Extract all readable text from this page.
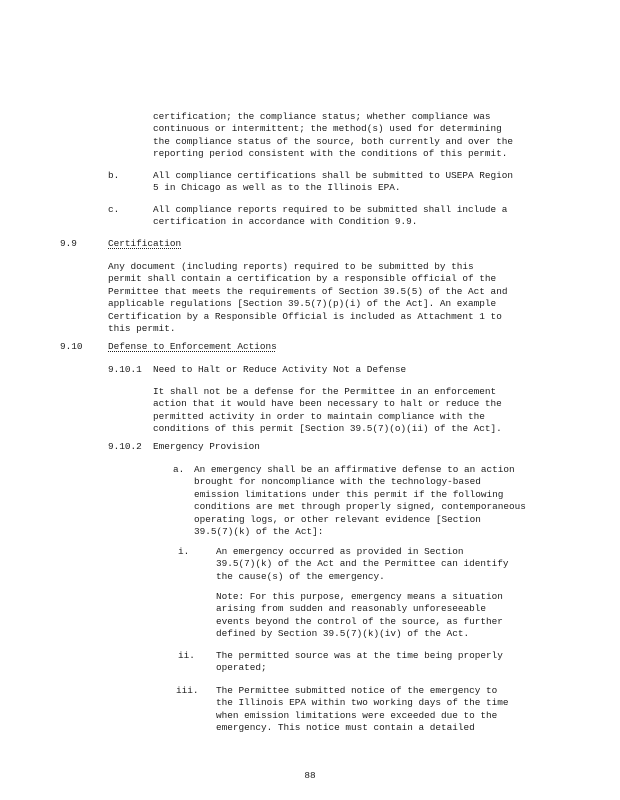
certification; the compliance status; whether compliance was
continuous or intermittent; the method(s) used for determining
the compliance status of the source, both currently and over the
reporting period consistent with the conditions of this permit.

b.	All compliance certifications shall be submitted to USEPA Region
5 in Chicago as well as to the Illinois EPA.

c.	All compliance reports required to be submitted shall include a
certification in accordance with Condition 9.9.

9.9	Certification

Any document (including reports) required to be submitted by this
permit shall contain a certification by a responsible official of the
Permittee that meets the requirements of Section 39.5(5) of the Act and
applicable regulations [Section 39.5(7)(p)(i) of the Act]. An example
Certification by a Responsible Official is included as Attachment 1 to
this permit.

9.10	Defense to Enforcement Actions

9.10.1 Need to Halt or Reduce Activity Not a Defense

It shall not be a defense for the Permittee in an enforcement
action that it would have been necessary to halt or reduce the
permitted activity in order to maintain compliance with the
conditions of this permit [Section 39.5(7)(o)(ii) of the Act].

9.10.2 Emergency Provision

a. An emergency shall be an affirmative defense to an action
brought for noncompliance with the technology-based
emission limitations under this permit if the following
conditions are met through properly signed, contemporaneous
operating logs, or other relevant evidence [Section
39.5(7)(k) of the Act]:

i.	An emergency occurred as provided in Section
39.5(7)(k) of the Act and the Permittee can identify
the cause(s) of the emergency.

Note: For this purpose, emergency means a situation
arising from sudden and reasonably unforeseeable
events beyond the control of the source, as further
defined by Section 39.5(7)(k)(iv) of the Act.

ii. The permitted source was at the time being properly
operated;

iii. The Permittee submitted notice of the emergency to
the Illinois EPA within two working days of the time
when emission limitations were exceeded due to the
emergency. This notice must contain a detailed

88
